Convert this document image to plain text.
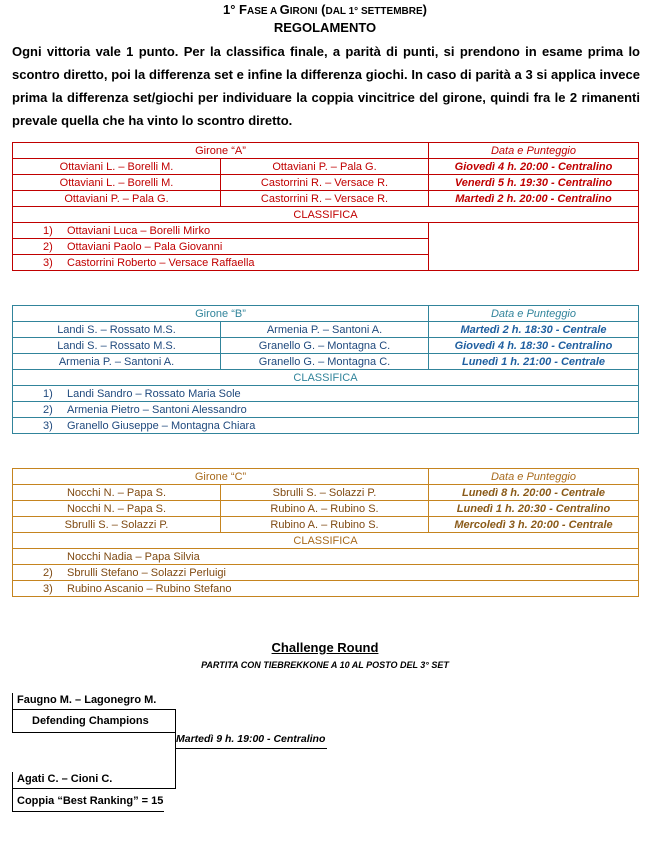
1° FASE A GIRONI (DAL 1° SETTEMBRE)
REGOLAMENTO
Ogni vittoria vale 1 punto. Per la classifica finale, a parità di punti, si prendono in esame prima lo scontro diretto, poi la differenza set e infine la differenza giochi. In caso di parità a 3 si applica invece prima la differenza set/giochi per individuare la coppia vincitrice del girone, quindi fra le 2 rimanenti prevale quella che ha vinto lo scontro diretto.
Girone “A”		Data e Punteggio
Ottaviani L. – Borelli M.	Ottaviani P. – Pala G.	Giovedì 4 h. 20:00 - Centralino
Ottaviani L. – Borelli M.	Castorrini R. – Versace R.	Venerdì 5 h. 19:30 - Centralino
Ottaviani P. – Pala G.	Castorrini R. – Versace R.	Martedì 2 h. 20:00 - Centralino
CLASSIFICA		
1) Ottaviani Luca – Borelli Mirko		
2) Ottaviani Paolo – Pala Giovanni		
3) Castorrini Roberto – Versace Raffaella		
Girone “B”		Data e Punteggio
Landi S. – Rossato M.S.	Armenia P. – Santoni A.	Martedì 2 h. 18:30 - Centrale
Landi S. – Rossato M.S.	Granello G. – Montagna C.	Giovedì 4 h. 18:30 - Centralino
Armenia P. – Santoni A.	Granello G. – Montagna C.	Lunedì 1 h. 21:00 - Centrale
CLASSIFICA		
1) Landi Sandro – Rossato Maria Sole		
2) Armenia Pietro – Santoni Alessandro		
3) Granello Giuseppe – Montagna Chiara		
Girone “C”		Data e Punteggio
Nocchi N. – Papa S.	Sbrulli S. – Solazzi P.	Lunedì 8 h. 20:00 - Centrale
Nocchi N. – Papa S.	Rubino A. – Rubino S.	Lunedì 1 h. 20:30 - Centralino
Sbrulli S. – Solazzi P.	Rubino A. – Rubino S.	Mercoledì 3 h. 20:00 - Centrale
CLASSIFICA		
Nocchi Nadia – Papa Silvia		
2) Sbrulli Stefano – Solazzi Perluigi		
3) Rubino Ascanio – Rubino Stefano		
Challenge Round
PARTITA CON TIEBREKKONE A 10 AL POSTO DEL 3° SET
Faugno M. – Lagonegro M.
Defending Champions
Martedì 9 h. 19:00 - Centralino
Agati C. – Cioni C.
Coppia “Best Ranking” = 15
